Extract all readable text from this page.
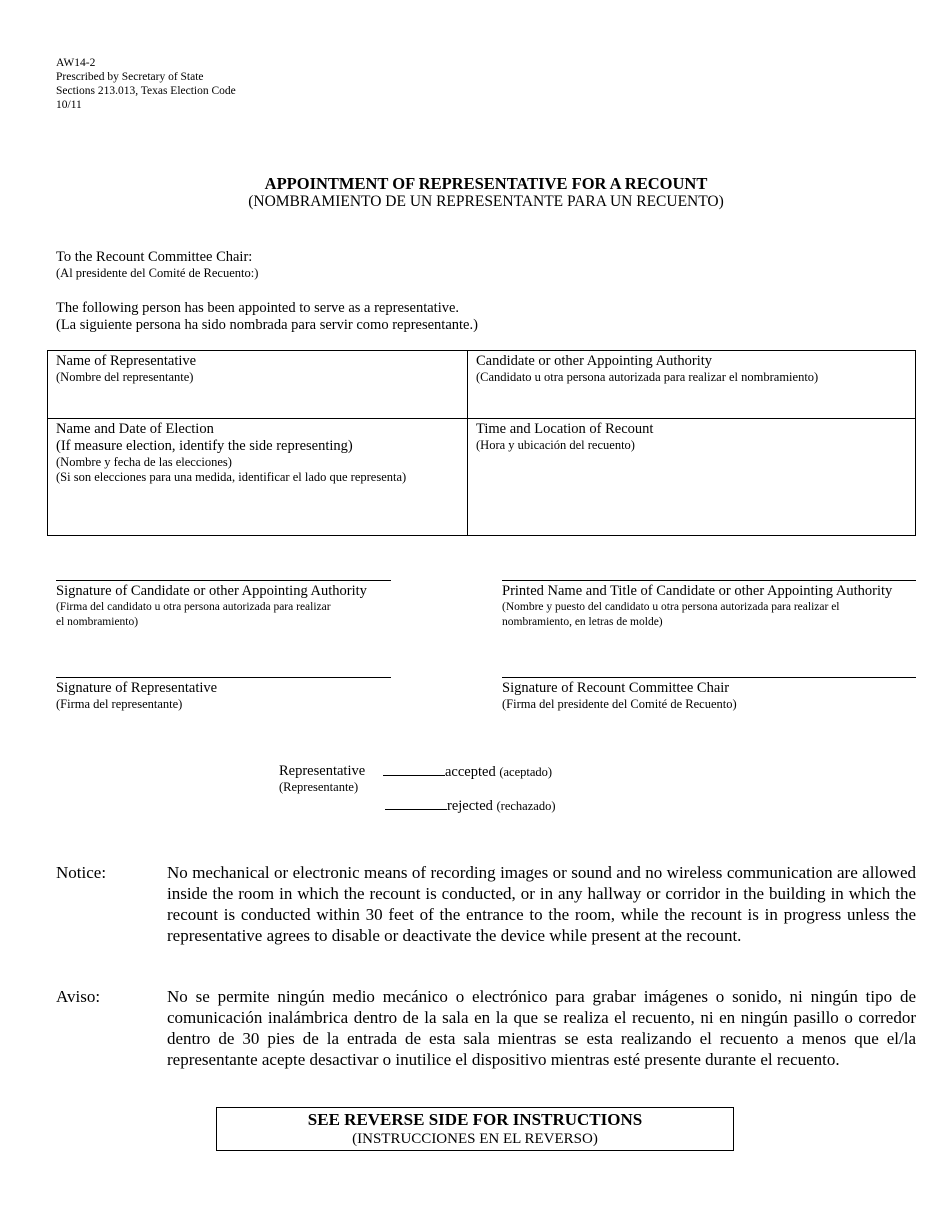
AW14-2
Prescribed by Secretary of State
Sections 213.013, Texas Election Code
10/11
APPOINTMENT OF REPRESENTATIVE FOR A RECOUNT
(NOMBRAMIENTO DE UN REPRESENTANTE PARA UN RECUENTO)
To the Recount Committee Chair:
(Al presidente del Comité de Recuento:)
The following person has been appointed to serve as a representative.
(La siguiente persona ha sido nombrada para servir como representante.)
Name of Representative
(Nombre del representante)
Candidate or other Appointing Authority
(Candidato u otra persona autorizada para realizar el nombramiento)
Name and Date of Election
(If measure election, identify the side representing)
(Nombre y fecha de las elecciones)
(Si son elecciones para una medida, identificar el lado que representa)
Time and Location of Recount
(Hora y ubicación del recuento)
Signature of Candidate or other Appointing Authority
(Firma del candidato u otra persona autorizada para realizar
el nombramiento)
Printed Name and Title of Candidate or other Appointing Authority
(Nombre y puesto del candidato u otra persona autorizada para realizar el
nombramiento, en letras de molde)
Signature of Representative
(Firma del representante)
Signature of Recount Committee Chair
(Firma del presidente del Comité de Recuento)
Representative
(Representante)
accepted (aceptado)
rejected (rechazado)
Notice:	No mechanical or electronic means of recording images or sound and no wireless communication are allowed inside the room in which the recount is conducted, or in any hallway or corridor in the building in which the recount is conducted within 30 feet of the entrance to the room, while the recount is in progress unless the representative agrees to disable or deactivate the device while present at the recount.
Aviso:	No se permite ningún medio mecánico o electrónico para grabar imágenes o sonido, ni ningún tipo de comunicación inalámbrica dentro de la sala en la que se realiza el recuento, ni en ningún pasillo o corredor dentro de 30 pies de la entrada de esta sala mientras se esta realizando el recuento a menos que el/la representante acepte desactivar o inutilice el dispositivo mientras esté presente durante el recuento.
SEE REVERSE SIDE FOR INSTRUCTIONS
(INSTRUCCIONES EN EL REVERSO)
